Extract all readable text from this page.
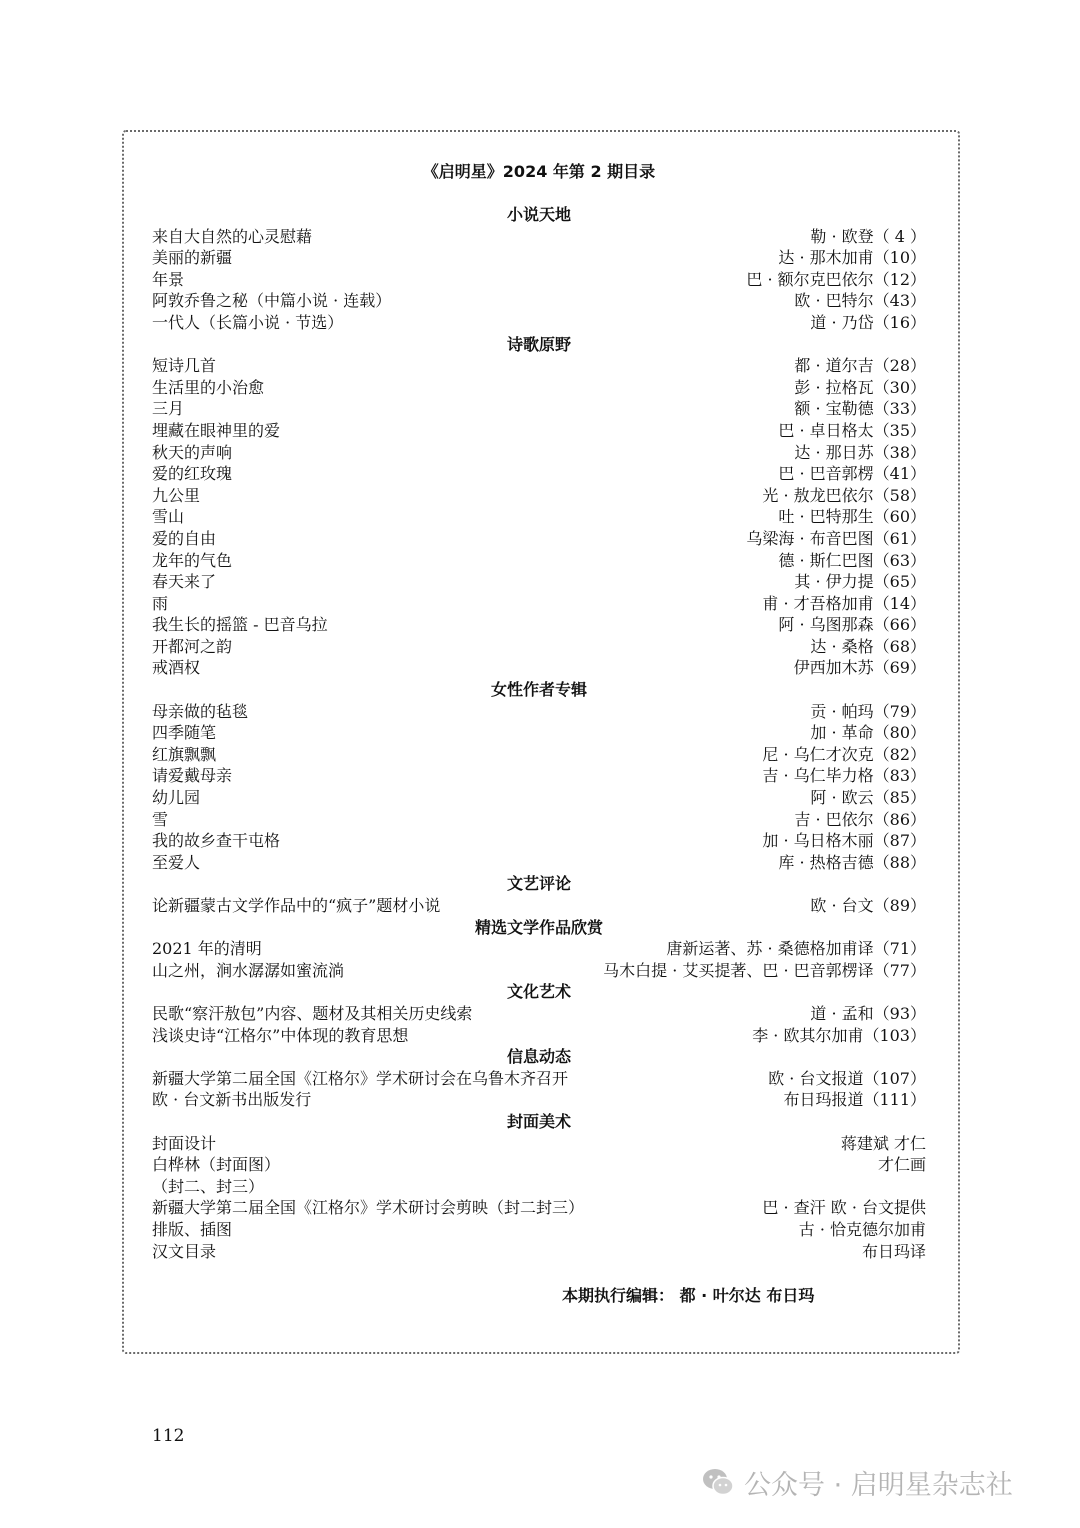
《启明星》2024 年第 2 期目录
小说天地
来自大自然的心灵慰藉	勒 · 欧登（ 4 ）
美丽的新疆	达 · 那木加甫（10）
年景	巴 · 额尔克巴依尔（12）
阿敦乔鲁之秘（中篇小说 · 连载）	欧 · 巴特尔（43）
一代人（长篇小说 · 节选）	道 · 乃岱（16）
诗歌原野
短诗几首	都 · 道尔吉（28）
生活里的小治愈	彭 · 拉格瓦（30）
三月	额 · 宝勒德（33）
埋藏在眼神里的爱	巴 · 卓日格太（35）
秋天的声响	达 · 那日苏（38）
爱的红玫瑰	巴 · 巴音郭楞（41）
九公里	光 · 敖龙巴依尔（58）
雪山	吐 · 巴特那生（60）
爱的自由	乌梁海 · 布音巴图（61）
龙年的气色	德 · 斯仁巴图（63）
春天来了	其 · 伊力提（65）
雨	甫 · 才吾格加甫（14）
我生长的摇篮 - 巴音乌拉	阿 · 乌图那森（66）
开都河之韵	达 · 桑格（68）
戒酒权	伊西加木苏（69）
女性作者专辑
母亲做的毡毯	贡 · 帕玛（79）
四季随笔	加 · 革命（80）
红旗飘飘	尼 · 乌仁才次克（82）
请爱戴母亲	吉 · 乌仁毕力格（83）
幼儿园	阿 · 欧云（85）
雪	吉 · 巴依尔（86）
我的故乡查干屯格	加 · 乌日格木丽（87）
至爱人	库 · 热格吉德（88）
文艺评论
论新疆蒙古文学作品中的“疯子”题材小说	欧 · 台文（89）
精选文学作品欣赏
2021 年的清明	唐新运著、苏 · 桑德格加甫译（71）
山之州，涧水潺潺如蜜流淌	马木白提 · 艾买提著、巴 · 巴音郭楞译（77）
文化艺术
民歌“察汗敖包”内容、题材及其相关历史线索	道 · 孟和（93）
浅谈史诗“江格尔”中体现的教育思想	李 · 欧其尔加甫（103）
信息动态
新疆大学第二届全国《江格尔》学术研讨会在乌鲁木齐召开	欧 · 台文报道（107）
欧 · 台文新书出版发行	布日玛报道（111）
封面美术
封面设计	蒋建斌 才仁
白桦林（封面图）	才仁画
（封二、封三）
新疆大学第二届全国《江格尔》学术研讨会剪映（封二封三）	巴 · 查汗 欧 · 台文提供
排版、插图	古 · 恰克德尔加甫
汉文目录	布日玛译
本期执行编辑： 都 · 叶尔达 布日玛
112
公众号 · 启明星杂志社
